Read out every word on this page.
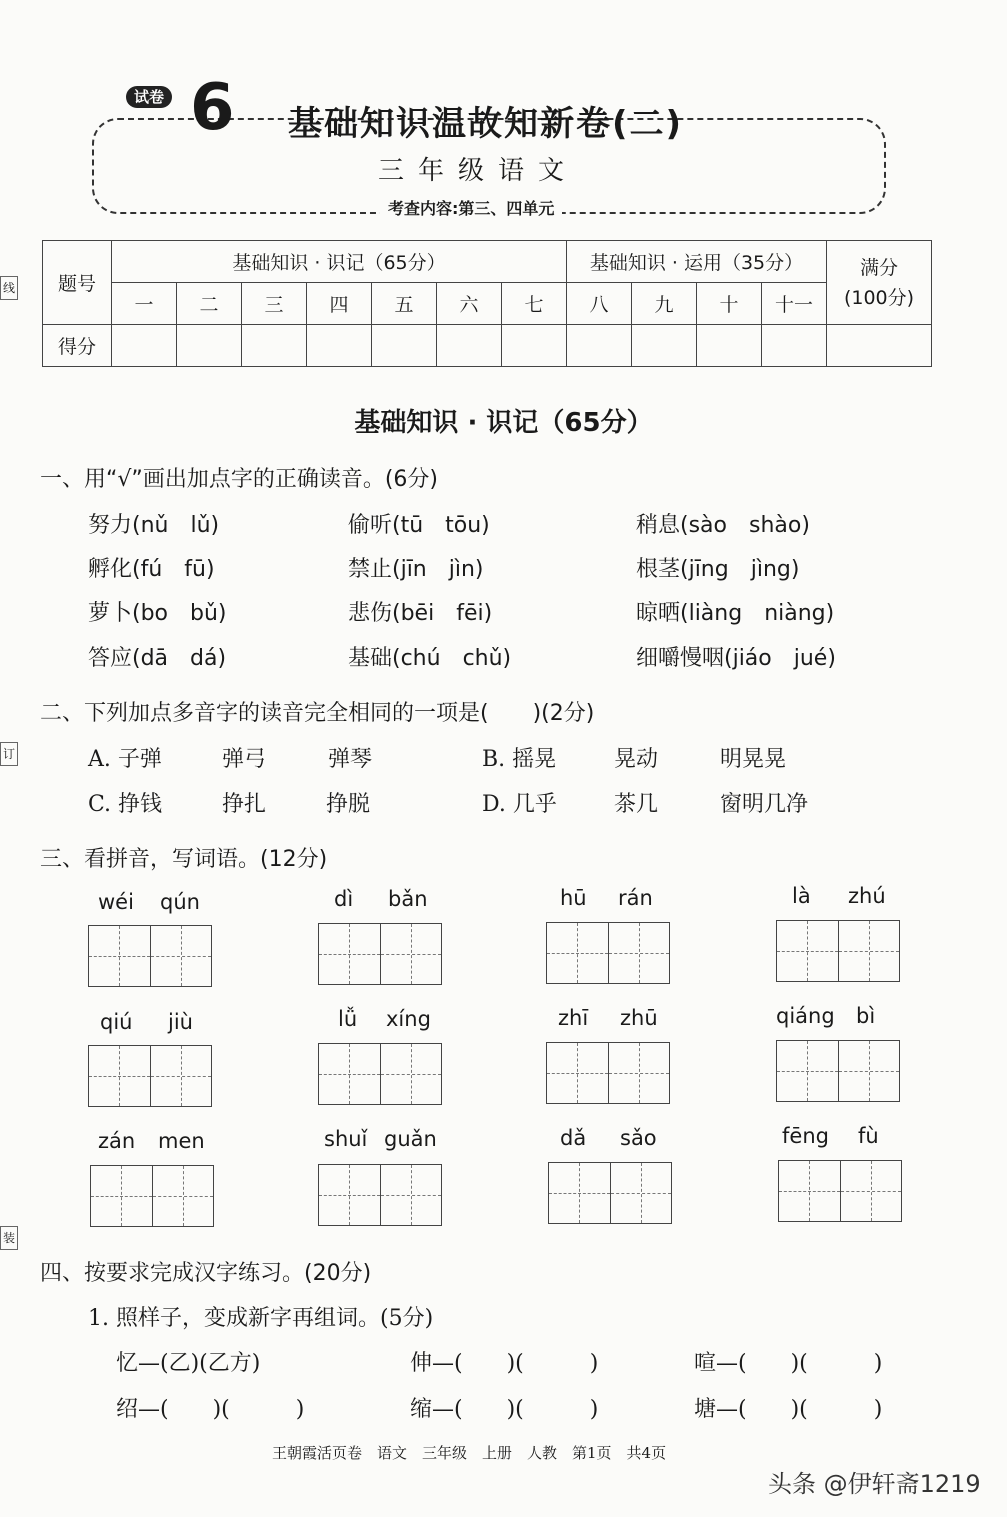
试卷 6 基础知识温故知新卷(二)
三年级语文
考查内容:第三、四单元
题号	基础知识 · 识记（65分）							基础知识 · 运用（35分）				满分
(100分)

	一	二	三	四	五	六	七	八	九	十	十一	
得分												
基础知识 · 识记（65分）
一、用“√”画出加点字的正确读音。(6分)
努力(nǔ　lǔ)	偷听(tū　tōu)	稍息(sào　shào)
孵化(fú　fū)	禁止(jīn　jìn)	根茎(jīng　jìng)
萝卜(bo　bǔ)	悲伤(bēi　fēi)	晾晒(liàng　niàng)
答应(dā　dá)	基础(chú　chǔ)	细嚼慢咽(jiáo　jué)
二、下列加点多音字的读音完全相同的一项是(　　)(2分)
A. 子弹	弹弓	弹琴	B. 摇晃	晃动	明晃晃
C. 挣钱	挣扎	挣脱	D. 几乎	茶几	窗明几净
三、看拼音，写词语。(12分)
wéi qún	dì bǎn	hū rán	là zhú
qiú jiù	lǚ xíng	zhī zhū	qiáng bì
zán men	shuǐ guǎn	dǎ sǎo	fēng fù
四、按要求完成汉字练习。(20分)
1. 照样子，变成新字再组词。(5分)
忆—(乙)(乙方)	伸—(　　)(　　　)	喧—(　　)(　　　)
绍—(　　)(　　　)	缩—(　　)(　　　)	塘—(　　)(　　　)
王朝霞活页卷　语文　三年级　上册　人教　第1页　共4页
头条 @伊轩斋1219
线
订
装
